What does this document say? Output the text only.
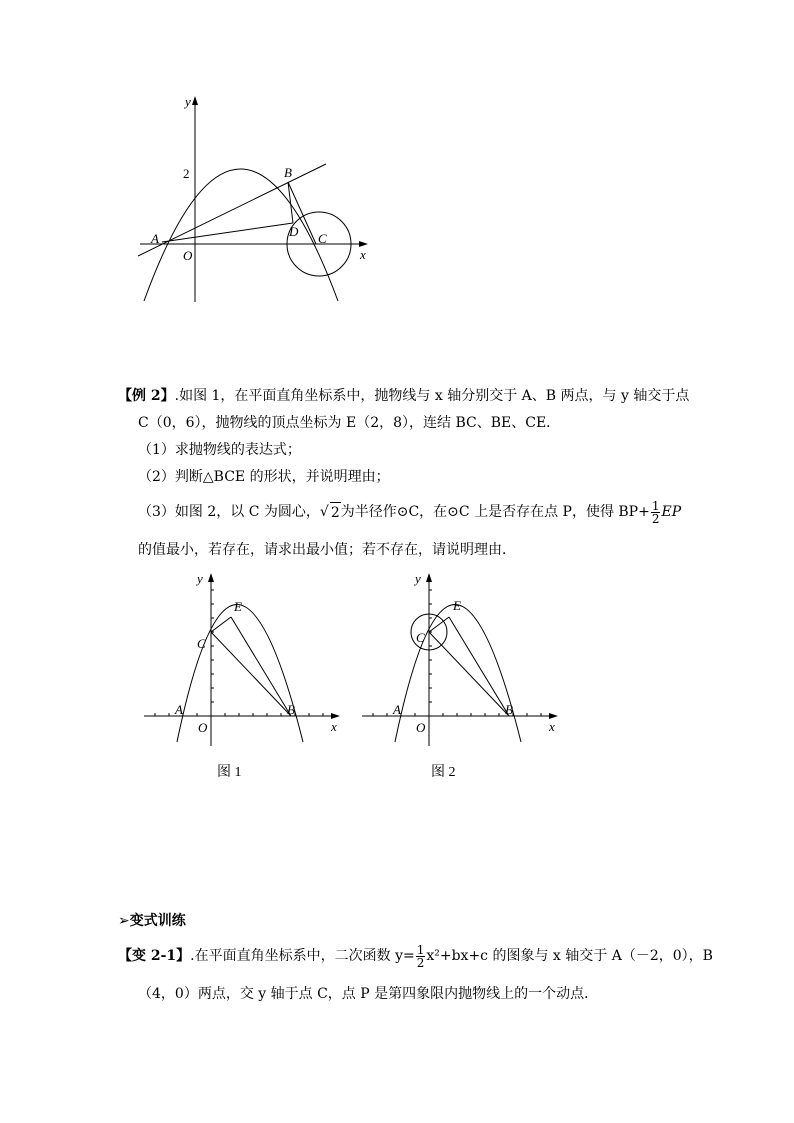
y
x
2
O
A
B
D C
【例 2】.如图 1，在平面直角坐标系中，抛物线与 x 轴分别交于 A、B 两点，与 y 轴交于点
C（0，6），抛物线的顶点坐标为 E（2，8），连结 BC、BE、CE．
（1）求抛物线的表达式；
（2）判断△BCE 的形状，并说明理由；
（3）如图 2，以 C 为圆心， √ 2 为半径作⊙C，在⊙C 上是否存在点 P，使得 $BP+ \frac{1}{2}$ EP
的值最小，若存在，请求出最小值；若不存在，请说明理由．
y
x
O
A	B
C
E
图 1
y
x
O
A	B
C
E
图 2
➢变式训练
【变 2-1】 .在平面直角坐标系中，二次函数 $y= \frac{1}{2} x^2+bx+c$ 的图象与 x 轴交于 A（－2，0），B
（4，0）两点，交 y 轴于点 C，点 P 是第四象限内抛物线上的一个动点．
